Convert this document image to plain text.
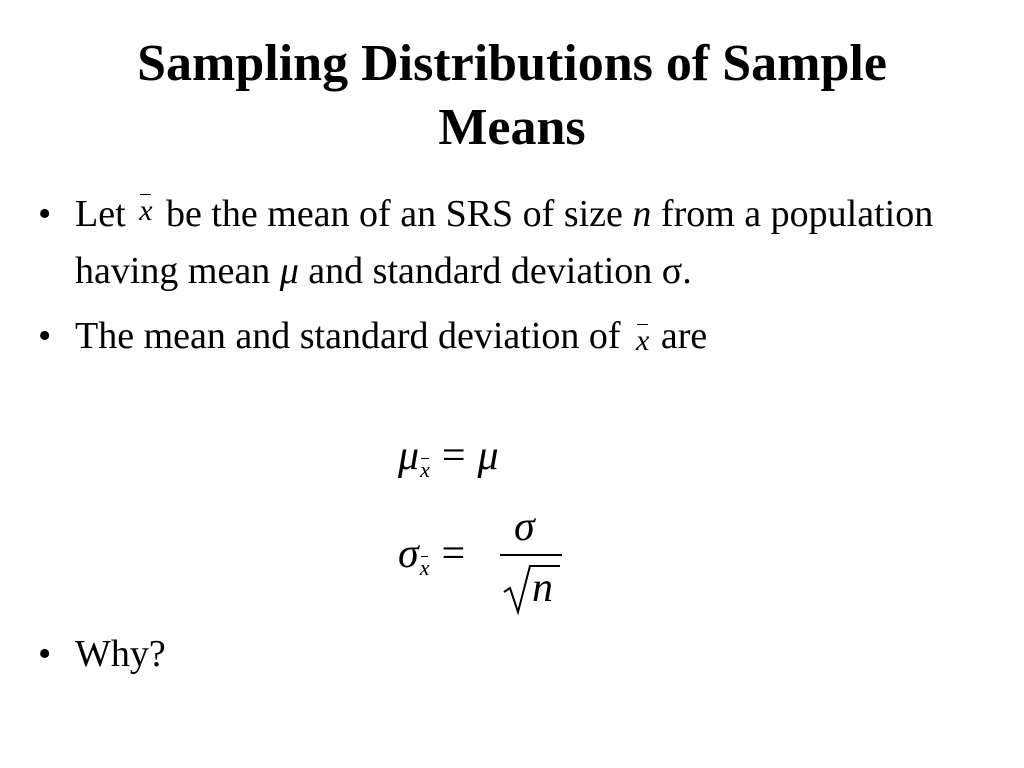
Sampling Distributions of Sample Means
• Let x be the mean of an SRS of size n from a population having mean μ and standard deviation σ.
• The mean and standard deviation of x are
μx = μ
σx =
σ
n
• Why?
